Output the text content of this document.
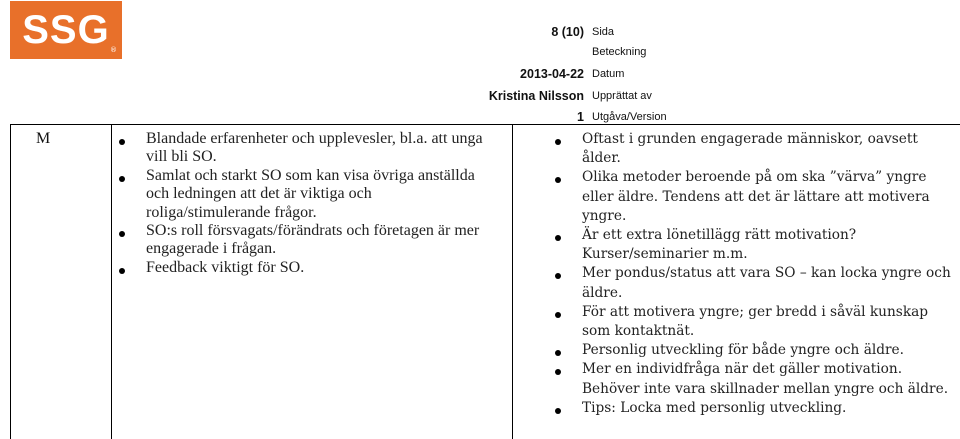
SSG ®
8 (10) Sida
Beteckning
2013-04-22 Datum
Kristina Nilsson Upprättat av
1 Utgåva/Version
M	Blandade erfarenheter och upplevesler, bl.a. att unga vill bli SO.
Samlat och starkt SO som kan visa övriga anställda och ledningen att det är viktiga och roliga/stimulerande frågor.
SO:s roll försvagats/förändrats och företagen är mer engagerade i frågan.
Feedback viktigt för SO.
Oftast i grunden engagerade människor, oavsett ålder.
Olika metoder beroende på om ska ”värva” yngre eller äldre. Tendens att det är lättare att motivera yngre.
Är ett extra lönetillägg rätt motivation? Kurser/seminarier m.m.
Mer pondus/status att vara SO – kan locka yngre och äldre.
För att motivera yngre; ger bredd i såväl kunskap som kontaktnät.
Personlig utveckling för både yngre och äldre.
Mer en individfråga när det gäller motivation. Behöver inte vara skillnader mellan yngre och äldre.
Tips: Locka med personlig utveckling.
